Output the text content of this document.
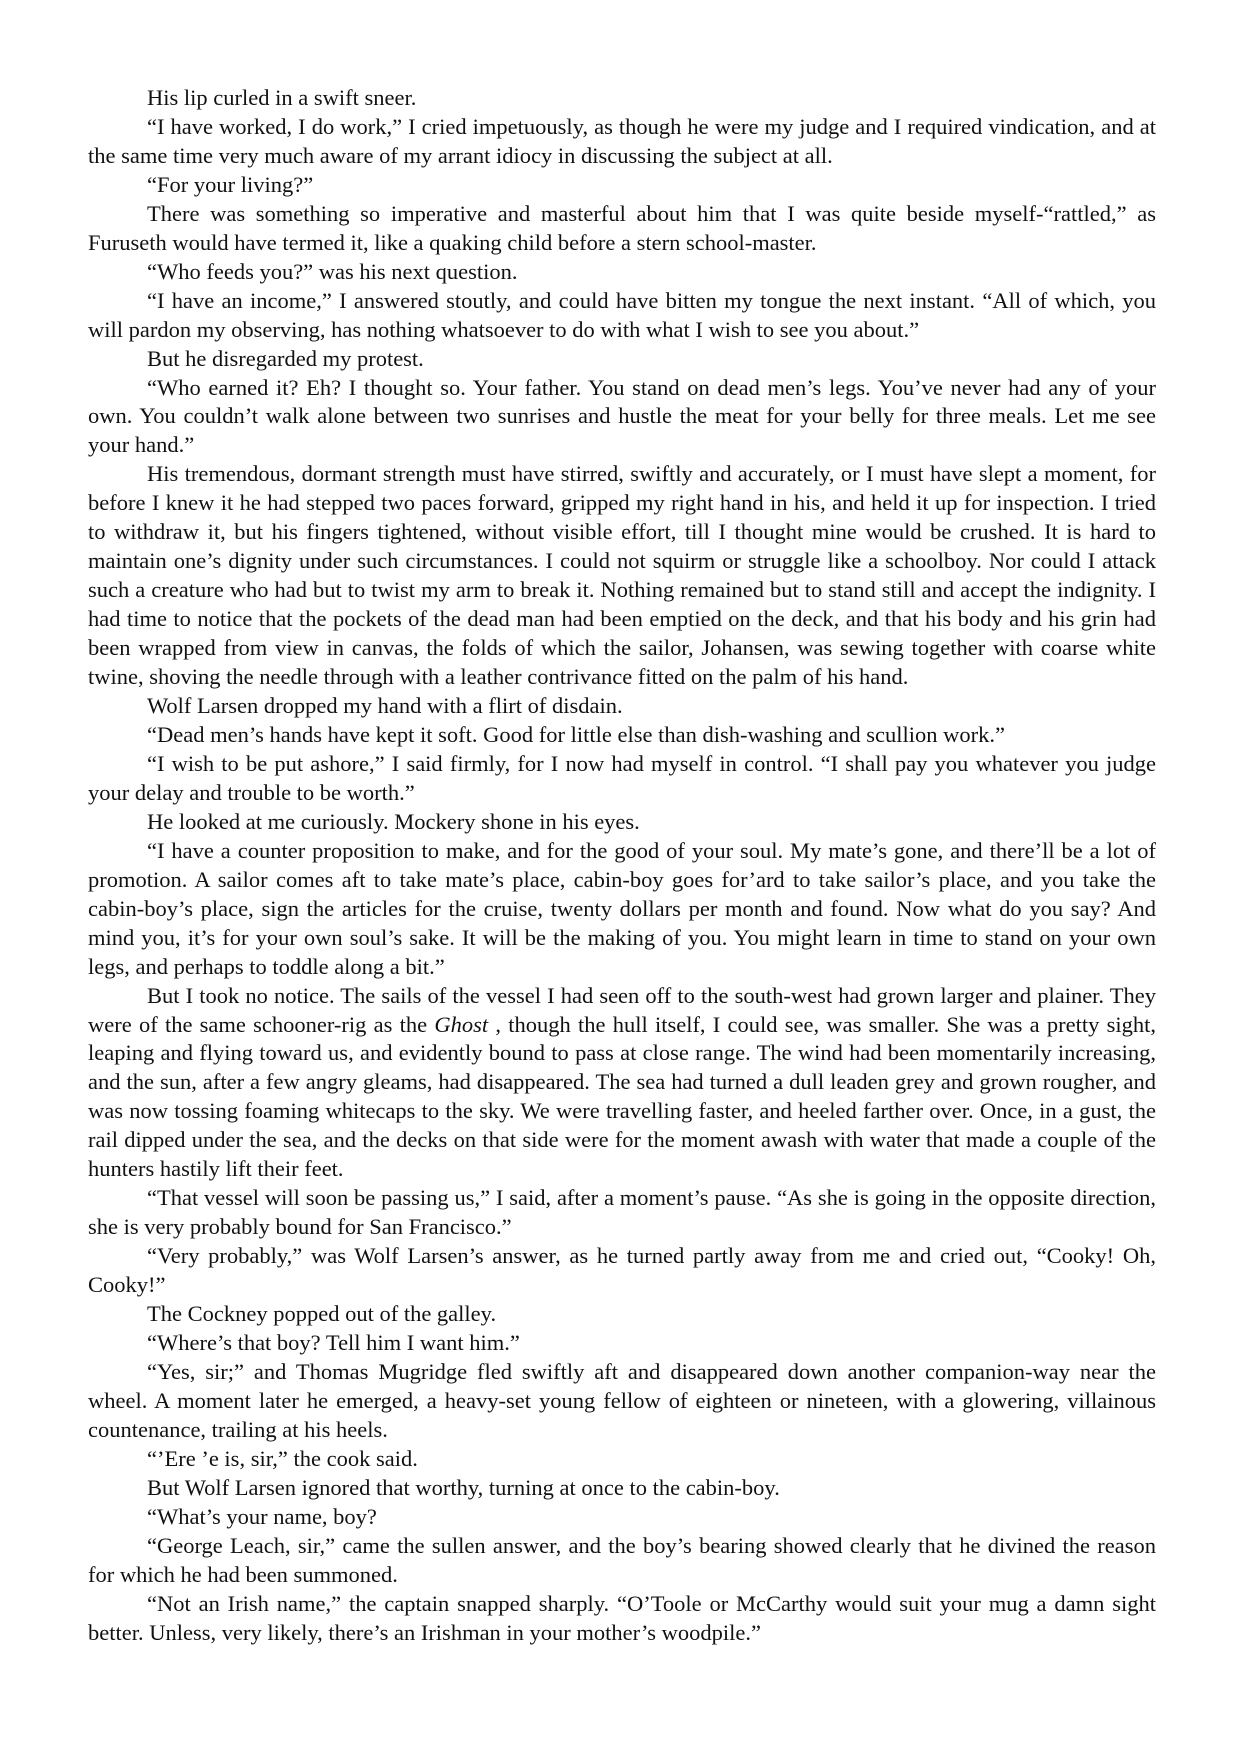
His lip curled in a swift sneer.

“I have worked, I do work,” I cried impetuously, as though he were my judge and I required vindication, and at the same time very much aware of my arrant idiocy in discussing the subject at all.

“For your living?”

There was something so imperative and masterful about him that I was quite beside myself-“rattled,” as Furuseth would have termed it, like a quaking child before a stern school-master.

“Who feeds you?” was his next question.

“I have an income,” I answered stoutly, and could have bitten my tongue the next instant. “All of which, you will pardon my observing, has nothing whatsoever to do with what I wish to see you about.”

But he disregarded my protest.

“Who earned it? Eh? I thought so. Your father. You stand on dead men’s legs. You’ve never had any of your own. You couldn’t walk alone between two sunrises and hustle the meat for your belly for three meals. Let me see your hand.”

His tremendous, dormant strength must have stirred, swiftly and accurately, or I must have slept a moment, for before I knew it he had stepped two paces forward, gripped my right hand in his, and held it up for inspection. I tried to withdraw it, but his fingers tightened, without visible effort, till I thought mine would be crushed. It is hard to maintain one’s dignity under such circumstances. I could not squirm or struggle like a schoolboy. Nor could I attack such a creature who had but to twist my arm to break it. Nothing remained but to stand still and accept the indignity. I had time to notice that the pockets of the dead man had been emptied on the deck, and that his body and his grin had been wrapped from view in canvas, the folds of which the sailor, Johansen, was sewing together with coarse white twine, shoving the needle through with a leather contrivance fitted on the palm of his hand.

Wolf Larsen dropped my hand with a flirt of disdain.

“Dead men’s hands have kept it soft. Good for little else than dish-washing and scullion work.”

“I wish to be put ashore,” I said firmly, for I now had myself in control. “I shall pay you whatever you judge your delay and trouble to be worth.”

He looked at me curiously. Mockery shone in his eyes.

“I have a counter proposition to make, and for the good of your soul. My mate’s gone, and there’ll be a lot of promotion. A sailor comes aft to take mate’s place, cabin-boy goes for’ard to take sailor’s place, and you take the cabin-boy’s place, sign the articles for the cruise, twenty dollars per month and found. Now what do you say? And mind you, it’s for your own soul’s sake. It will be the making of you. You might learn in time to stand on your own legs, and perhaps to toddle along a bit.”

But I took no notice. The sails of the vessel I had seen off to the south-west had grown larger and plainer. They were of the same schooner-rig as the Ghost , though the hull itself, I could see, was smaller. She was a pretty sight, leaping and flying toward us, and evidently bound to pass at close range. The wind had been momentarily increasing, and the sun, after a few angry gleams, had disappeared. The sea had turned a dull leaden grey and grown rougher, and was now tossing foaming whitecaps to the sky. We were travelling faster, and heeled farther over. Once, in a gust, the rail dipped under the sea, and the decks on that side were for the moment awash with water that made a couple of the hunters hastily lift their feet.

“That vessel will soon be passing us,” I said, after a moment’s pause. “As she is going in the opposite direction, she is very probably bound for San Francisco.”

“Very probably,” was Wolf Larsen’s answer, as he turned partly away from me and cried out, “Cooky! Oh, Cooky!”

The Cockney popped out of the galley.

“Where’s that boy? Tell him I want him.”

“Yes, sir;” and Thomas Mugridge fled swiftly aft and disappeared down another companion-way near the wheel. A moment later he emerged, a heavy-set young fellow of eighteen or nineteen, with a glowering, villainous countenance, trailing at his heels.

“’Ere ’e is, sir,” the cook said.

But Wolf Larsen ignored that worthy, turning at once to the cabin-boy.

“What’s your name, boy?

“George Leach, sir,” came the sullen answer, and the boy’s bearing showed clearly that he divined the reason for which he had been summoned.

“Not an Irish name,” the captain snapped sharply. “O’Toole or McCarthy would suit your mug a damn sight better. Unless, very likely, there’s an Irishman in your mother’s woodpile.”
